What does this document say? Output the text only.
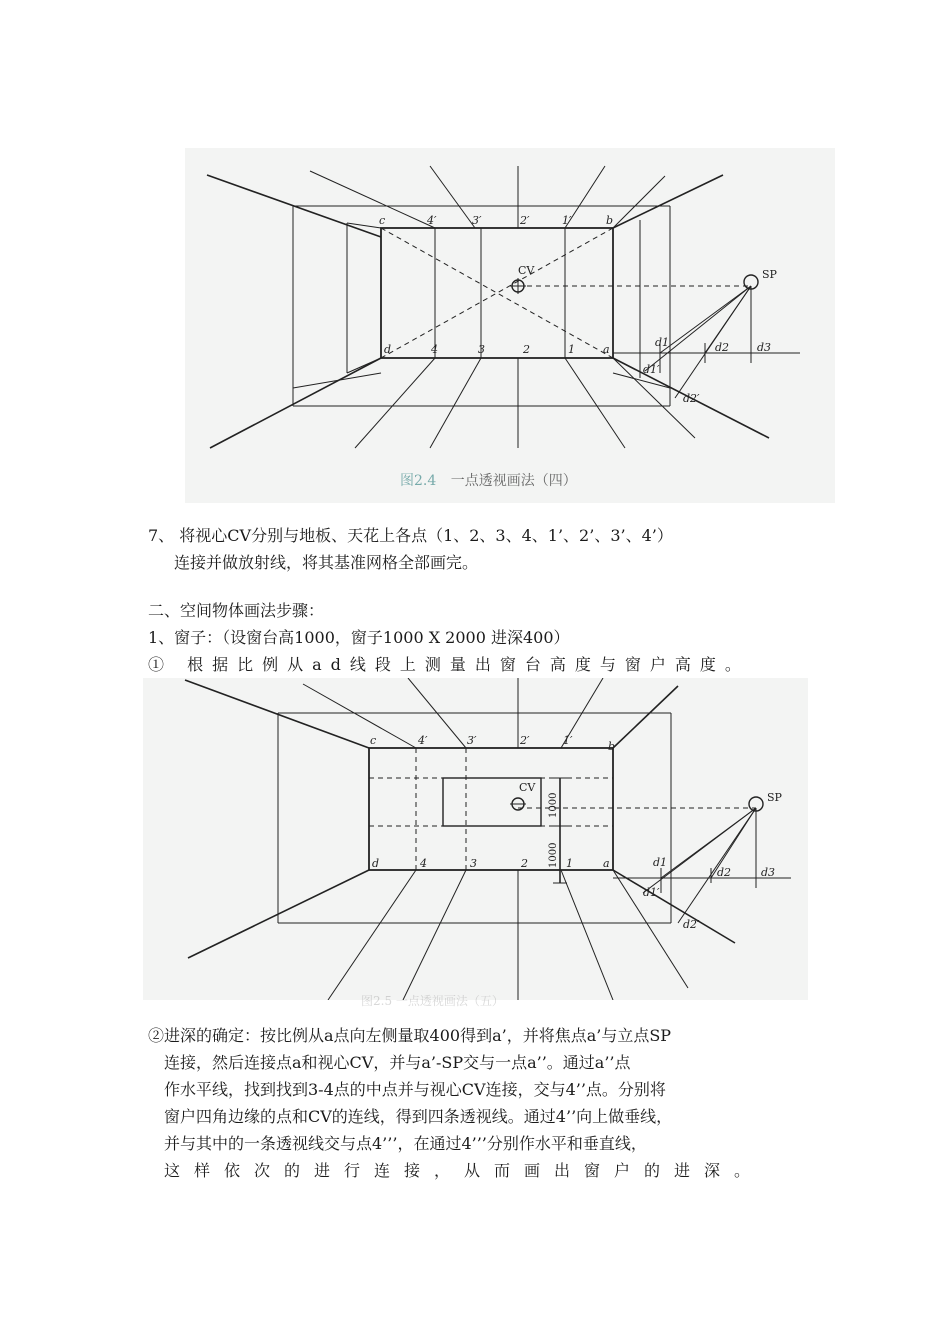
c	b
d	a
4′	3′	2′	1′
4	3	2	1
CV	SP
d1	d2	d3
d1′
d2′
图2.4 一点透视画法（四）
7、 将视心CV分别与地板、天花上各点（1、2、3、4、1’、2’、3’、4’）
连接并做放射线，将其基准网格全部画完。
二、空间物体画法步骤：
1、窗子：（设窗台高1000，窗子1000 X 2000 进深400）
① 根据比例从ad线段上测量出窗台高度与窗户高度。
c	b
d	a
4′	3′	2′	1′
4	3	2	1
CV
SP
d1
d2	d3
d1′
d2′
1000
1000
图2.5 一点透视画法（五）
②进深的确定：按比例从a点向左侧量取400得到a’，并将焦点a’与立点SP
连接，然后连接点a和视心CV，并与a’-SP交与一点a’’。通过a’’点
作水平线，找到找到3-4点的中点并与视心CV连接，交与4’’点。分别将
窗户四角边缘的点和CV的连线，得到四条透视线。通过4’’向上做垂线，
并与其中的一条透视线交与点4’’’，在通过4’’’分别作水平和垂直线，
这样依次的进行连接，从而画出窗户的进深。
